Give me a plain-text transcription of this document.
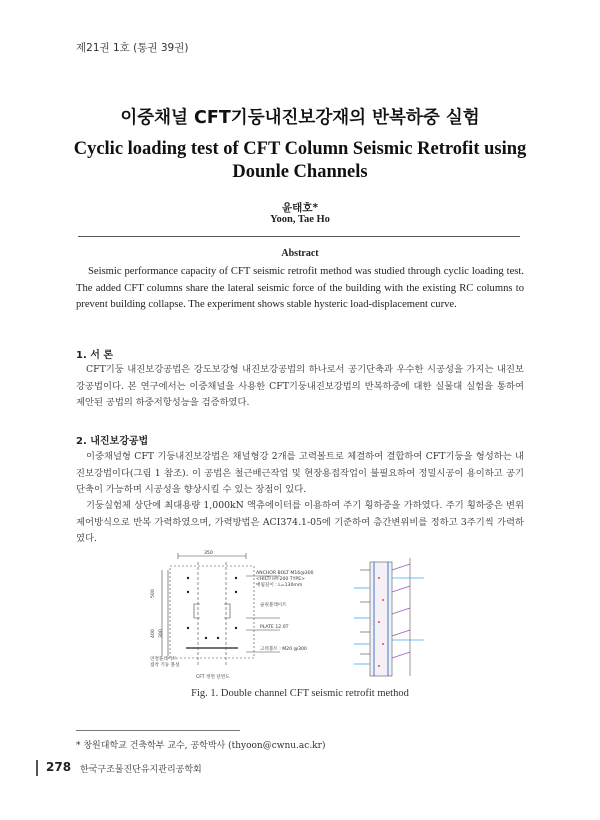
제21권 1호 (통권 39권)
이중채널 CFT기둥내진보강재의 반복하중 실험
Cyclic loading test of CFT Column Seismic Retrofit using Dounle Channels
윤태호*
Yoon, Tae Ho
Abstract
Seismic performance capacity of CFT seismic retrofit method was studied through cyclic loading test. The added CFT columns share the lateral seismic force of the building with the existing RC columns to prevent building collapse. The experiment shows stable hysteric load-displacement curve.
1. 서 론
CFT기둥 내진보강공법은 강도보강형 내진보강공법의 하나로서 공기단축과 우수한 시공성을 가지는 내진보강공법이다. 본 연구에서는 이중채널을 사용한 CFT기둥내진보강법의 반복하중에 대한 실물대 실험을 통하여 제안된 공법의 하중저항성능을 검증하였다.
2. 내진보강공법
이중채널형 CFT 기둥내진보강법은 채널형강 2개를 고력볼트로 체결하여 결합하여 CFT기둥을 형성하는 내진보강법이다(그림 1 참조). 이 공법은 철근배근작업 및 현장용접작업이 불필요하여 정밀시공이 용이하고 공기단축이 가능하며 시공성을 향상시킬 수 있는 장점이 있다.
기둥실험체 상단에 최대용량 1,000kN 액츄에이터를 이용하여 주기 횡하중을 가하였다. 주기 횡하중은 변위제어방식으로 반복 가력하였으며, 가력방법은 ACI374.1-05에 기준하여 층간변위비를 정하고 3주기씩 가력하였다.
350
500
400 300
ANCHOR BOLT M16@300
<HILTI HY-200 TYPE>
매립길이 : L=130mm
슬릿볼레이트
PLATE 12.0T
고력볼트 : M20 @300
연결플레이트
접착 기둥 볼설
CFT 정면 단면도
Fig. 1. Double channel CFT seismic retrofit method
* 창원대학교 건축학부 교수, 공학박사 (thyoon@cwnu.ac.kr)
278 한국구조물진단유지관리공학회
